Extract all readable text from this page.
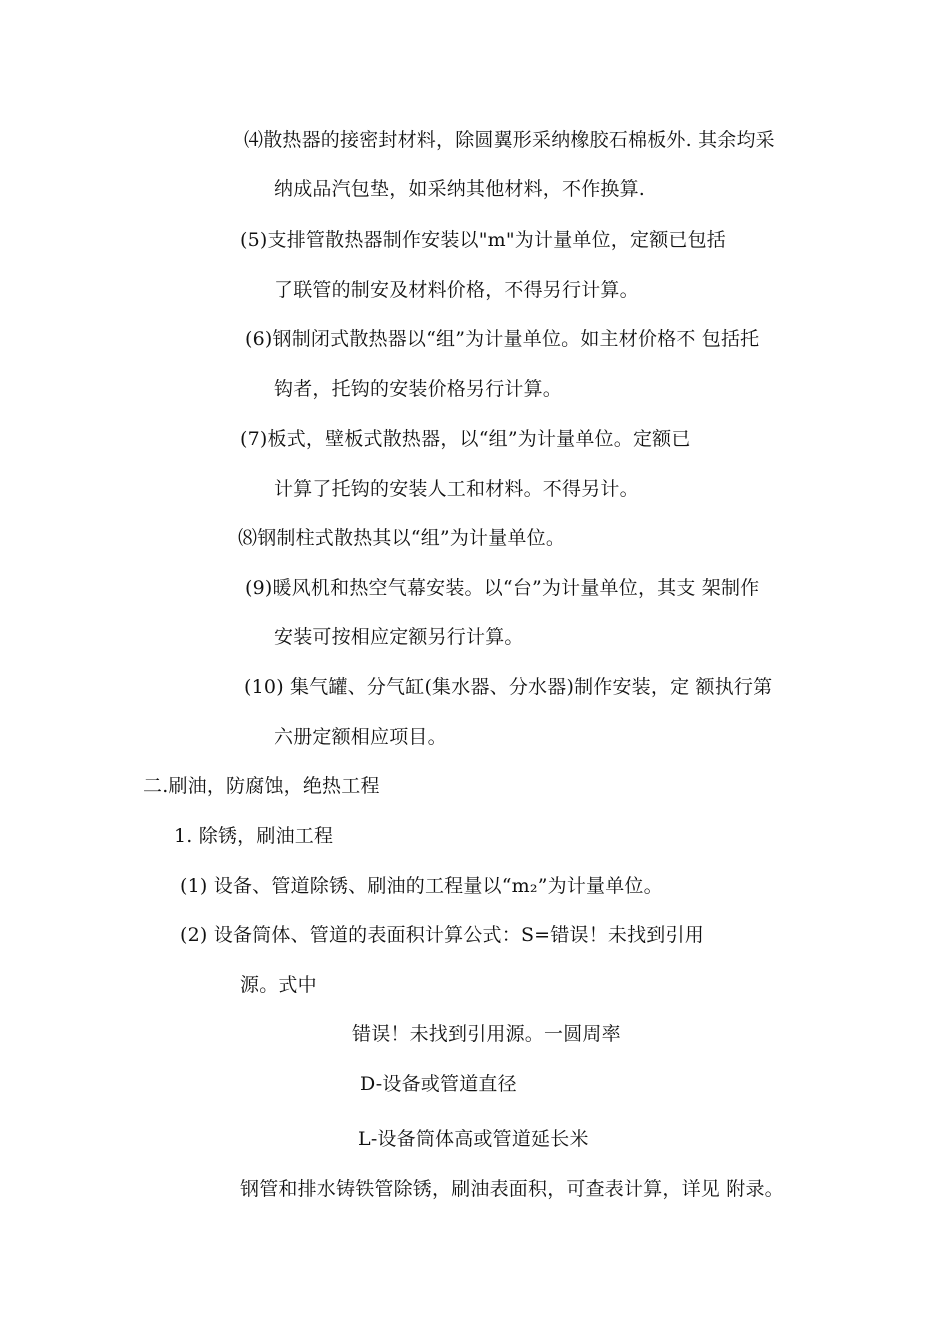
⑷散热器的接密封材料，除圆翼形采纳橡胶石棉板外. 其余均采
纳成品汽包垫，如采纳其他材料，不作换算.
(5)支排管散热器制作安装以"m"为计量单位，定额已包括
了联管的制安及材料价格，不得另行计算。
(6)钢制闭式散热器以“组”为计量单位。如主材价格不 包括托
钩者，托钩的安装价格另行计算。
(7)板式，壁板式散热器，以“组”为计量单位。定额已
计算了托钩的安装人工和材料。不得另计。
⑻钢制柱式散热其以“组”为计量单位。
(9)暖风机和热空气幕安装。以“台”为计量单位，其支 架制作
安装可按相应定额另行计算。
(10) 集气罐、分气缸(集水器、分水器)制作安装，定 额执行第
六册定额相应项目。
二.刷油，防腐蚀，绝热工程
1. 除锈，刷油工程
(1) 设备、管道除锈、刷油的工程量以“m₂”为计量单位。
(2) 设备筒体、管道的表面积计算公式：S=错误！未找到引用
源。式中
错误！未找到引用源。一圆周率
D-设备或管道直径
L-设备筒体高或管道延长米
钢管和排水铸铁管除锈，刷油表面积，可查表计算，详见 附录。
